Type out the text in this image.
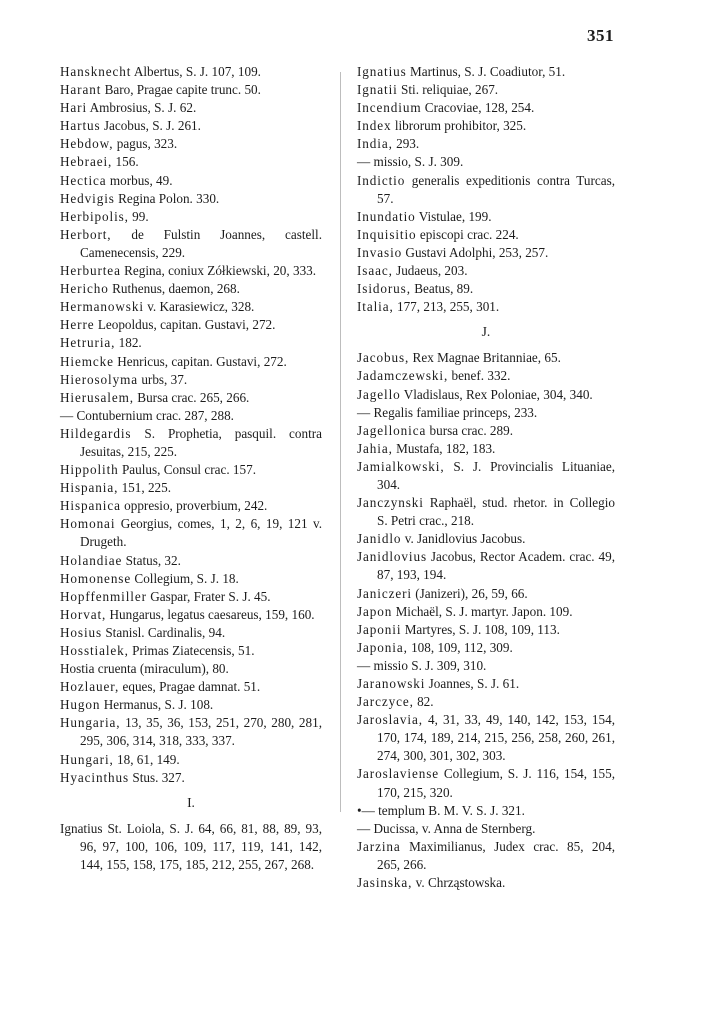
351
Hansknecht Albertus, S. J. 107, 109.
Harant Baro, Pragae capite trunc. 50.
Hari Ambrosius, S. J. 62.
Hartus Jacobus, S. J. 261.
Hebdow, pagus, 323.
Hebraei, 156.
Hectica morbus, 49.
Hedvigis Regina Polon. 330.
Herbipolis, 99.
Herbort, de Fulstin Joannes, castell. Camenecensis, 229.
Herburtea Regina, coniux Zółkiewski, 20, 333.
Hericho Ruthenus, daemon, 268.
Hermanowski v. Karasiewicz, 328.
Herre Leopoldus, capitan. Gustavi, 272.
Hetruria, 182.
Hiemcke Henricus, capitan. Gustavi, 272.
Hierosolyma urbs, 37.
Hierusalem, Bursa crac. 265, 266.
— Contubernium crac. 287, 288.
Hildegardis S. Prophetia, pasquil. contra Jesuitas, 215, 225.
Hippolith Paulus, Consul crac. 157.
Hispania, 151, 225.
Hispanica oppresio, proverbium, 242.
Homonai Georgius, comes, 1, 2, 6, 19, 121 v. Drugeth.
Holandiae Status, 32.
Homonense Collegium, S. J. 18.
Hopffenmiller Gaspar, Frater S. J. 45.
Horvat, Hungarus, legatus caesareus, 159, 160.
Hosius Stanisl. Cardinalis, 94.
Hosstialek, Primas Ziatecensis, 51.
Hostia cruenta (miraculum), 80.
Hozlauer, eques, Pragae damnat. 51.
Hugon Hermanus, S. J. 108.
Hungaria, 13, 35, 36, 153, 251, 270, 280, 281, 295, 306, 314, 318, 333, 337.
Hungari, 18, 61, 149.
Hyacinthus Stus. 327.
I.
Ignatius St. Loiola, S. J. 64, 66, 81, 88, 89, 93, 96, 97, 100, 106, 109, 117, 119, 141, 142, 144, 155, 158, 175, 185, 212, 255, 267, 268.
Ignatius Martinus, S. J. Coadiutor, 51.
Ignatii Sti. reliquiae, 267.
Incendium Cracoviae, 128, 254.
Index librorum prohibitor, 325.
India, 293.
— missio, S. J. 309.
Indictio generalis expeditionis contra Turcas, 57.
Inundatio Vistulae, 199.
Inquisitio episcopi crac. 224.
Invasio Gustavi Adolphi, 253, 257.
Isaac, Judaeus, 203.
Isidorus, Beatus, 89.
Italia, 177, 213, 255, 301.
J.
Jacobus, Rex Magnae Britanniae, 65.
Jadamczewski, benef. 332.
Jagello Vladislaus, Rex Poloniae, 304, 340.
— Regalis familiae princeps, 233.
Jagellonica bursa crac. 289.
Jahia, Mustafa, 182, 183.
Jamialkowski, S. J. Provincialis Lituaniae, 304.
Janczynski Raphaël, stud. rhetor. in Collegio S. Petri crac., 218.
Janidlo v. Janidlovius Jacobus.
Janidlovius Jacobus, Rector Academ. crac. 49, 87, 193, 194.
Janiczeri (Janizeri), 26, 59, 66.
Japon Michaël, S. J. martyr. Japon. 109.
Japonii Martyres, S. J. 108, 109, 113.
Japonia, 108, 109, 112, 309.
— missio S. J. 309, 310.
Jaranowski Joannes, S. J. 61.
Jarczyce, 82.
Jaroslavia, 4, 31, 33, 49, 140, 142, 153, 154, 170, 174, 189, 214, 215, 256, 258, 260, 261, 274, 300, 301, 302, 303.
Jaroslaviense Collegium, S. J. 116, 154, 155, 170, 215, 320.
•— templum B. M. V. S. J. 321.
— Ducissa, v. Anna de Sternberg.
Jarzina Maximilianus, Judex crac. 85, 204, 265, 266.
Jasinska, v. Chrząstowska.
